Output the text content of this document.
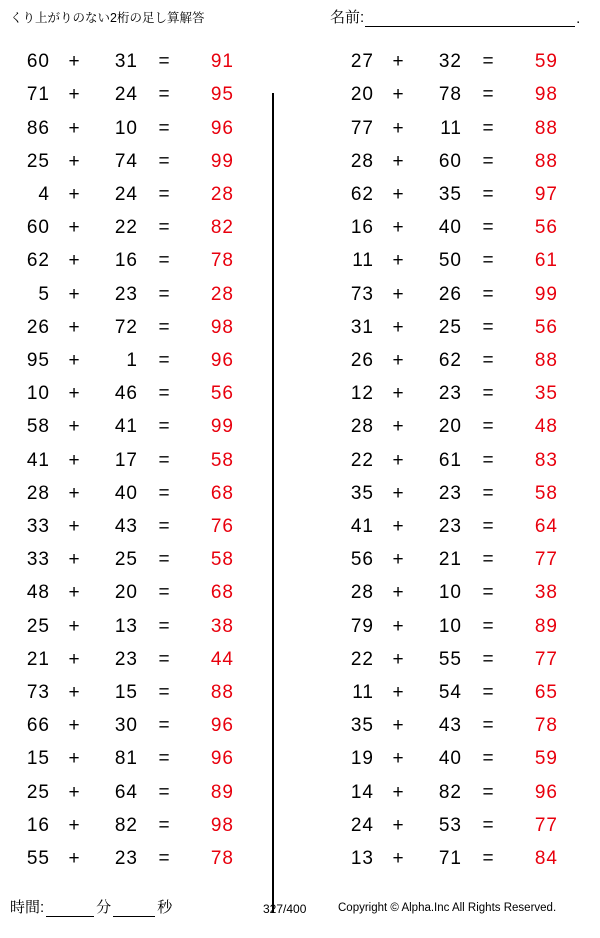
くり上がりのない2桁の足し算解答	名前:	.
60 +	31	=	91
71 +	24	=	95
86 +	10	=	96
25 +	74	=	99
4 +	24	=	28
60 +	22	=	82
62 +	16	=	78
5 +	23	=	28
26 +	72	=	98
95 +	1	=	96
10 +	46	=	56
58 +	41	=	99
41 +	17	=	58
28 +	40	=	68
33 +	43	=	76
33 +	25	=	58
48 +	20	=	68
25 +	13	=	38
21 +	23	=	44
73 +	15	=	88
66 +	30	=	96
15 +	81	=	96
25 +	64	=	89
16 +	82	=	98
55 +	23	=	78
27 +	32	=	59
20 +	78	=	98
77 +	11	=	88
28 +	60	=	88
62 +	35	=	97
16 +	40	=	56
11 +	50	=	61
73 +	26	=	99
31 +	25	=	56
26 +	62	=	88
12 +	23	=	35
28 +	20	=	48
22 +	61	=	83
35 +	23	=	58
41 +	23	=	64
56 +	21	=	77
28 +	10	=	38
79 +	10	=	89
22 +	55	=	77
11 +	54	=	65
35 +	43	=	78
19 +	40	=	59
14 +	82	=	96
24 +	53	=	77
13 +	71	=	84
時間:	分	秒	327/400	Copyright © Alpha.Inc All Rights Reserved.
